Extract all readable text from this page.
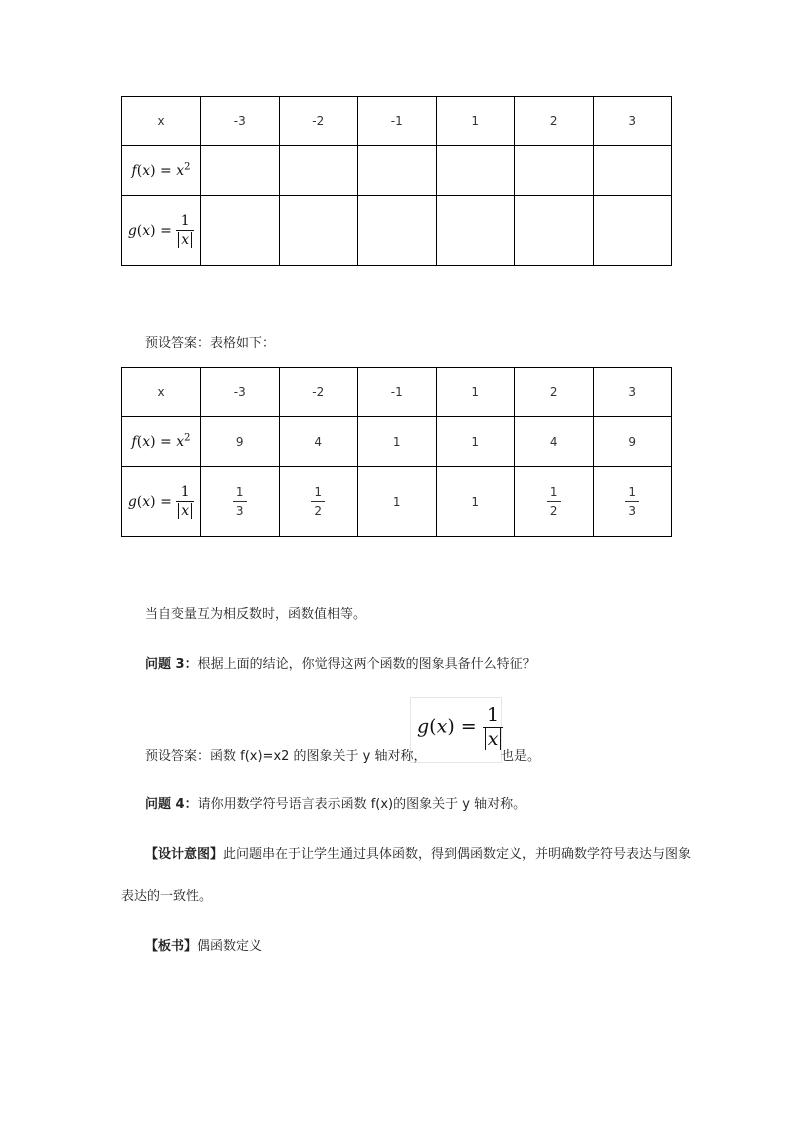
x	-3	-2	-1	1	2	3
$f(x) = x^2$						
$g(x) = \frac{1}{x}$

预设答案：表格如下：
x	-3	-2	-1	1	2	3
$f(x) = x^2$	9	4	1	1	4	9
$g(x) = \frac{1}{x}$	$\frac{1}{3}$	$\frac{1}{2}$	1	1	$\frac{1}{2}$	$\frac{1}{3}$
当自变量互为相反数时，函数值相等。
问题 3：根据上面的结论，你觉得这两个函数的图象具备什么特征？
$g(x) = \frac{1}{x}$
预设答案：函数 f(x)=x2 的图象关于 y 轴对称，	也是。
问题 4：请你用数学符号语言表示函数 f(x)的图象关于 y 轴对称。
【设计意图】此问题串在于让学生通过具体函数，得到偶函数定义，并明确数学符号表达与图象
表达的一致性。
【板书】偶函数定义
